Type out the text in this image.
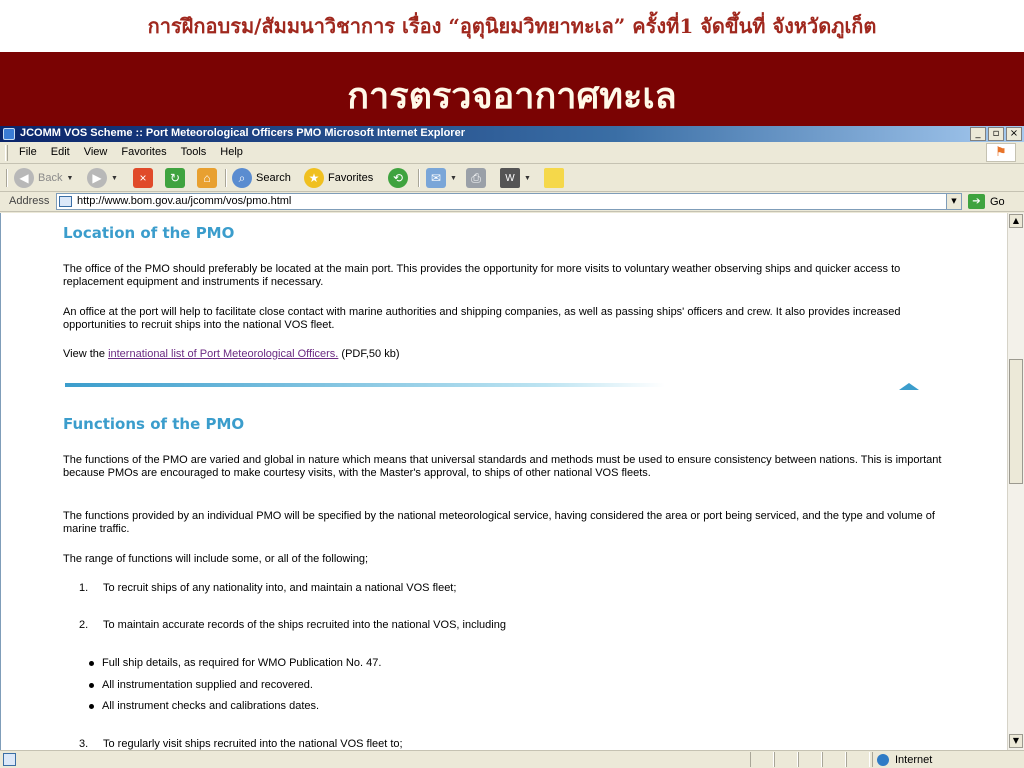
การฝึกอบรม/สัมมนาวิชาการ เรื่อง “อุตุนิยมวิทยาทะเล” ครั้งที่1 จัดขึ้นที่ จังหวัดภูเก็ต
การตรวจอากาศทะเล
JCOMM VOS Scheme :: Port Meteorological Officers PMO Microsoft Internet Explorer	_	▫	×
File	Edit	View	Favorites	Tools	Help	⚑
◀ Back ▼	▶	▼	×	↻	⌂	⌕ Search	★ Favorites	⟲	✉	▼	⎙	W	▼
Address	http://www.bom.gov.au/jcomm/vos/pmo.html	▼	➔ Go
Location of the PMO
The office of the PMO should preferably be located at the main port. This provides the opportunity for more visits to voluntary weather observing ships and quicker access to replacement equipment and instruments if necessary.
An office at the port will help to facilitate close contact with marine authorities and shipping companies, as well as passing ships' officers and crew. It also provides increased opportunities to recruit ships into the national VOS fleet.
View the international list of Port Meteorological Officers. (PDF,50 kb)
Functions of the PMO
The functions of the PMO are varied and global in nature which means that universal standards and methods must be used to ensure consistency between nations. This is important because PMOs are encouraged to make courtesy visits, with the Master's approval, to ships of other national VOS fleets.
The functions provided by an individual PMO will be specified by the national meteorological service, having considered the area or port being serviced, and the type and volume of marine traffic.
The range of functions will include some, or all of the following;
1. To recruit ships of any nationality into, and maintain a national VOS fleet;
2. To maintain accurate records of the ships recruited into the national VOS, including
Full ship details, as required for WMO Publication No. 47.
All instrumentation supplied and recovered.
All instrument checks and calibrations dates.
3. To regularly visit ships recruited into the national VOS fleet to;
▲
▼
Internet
